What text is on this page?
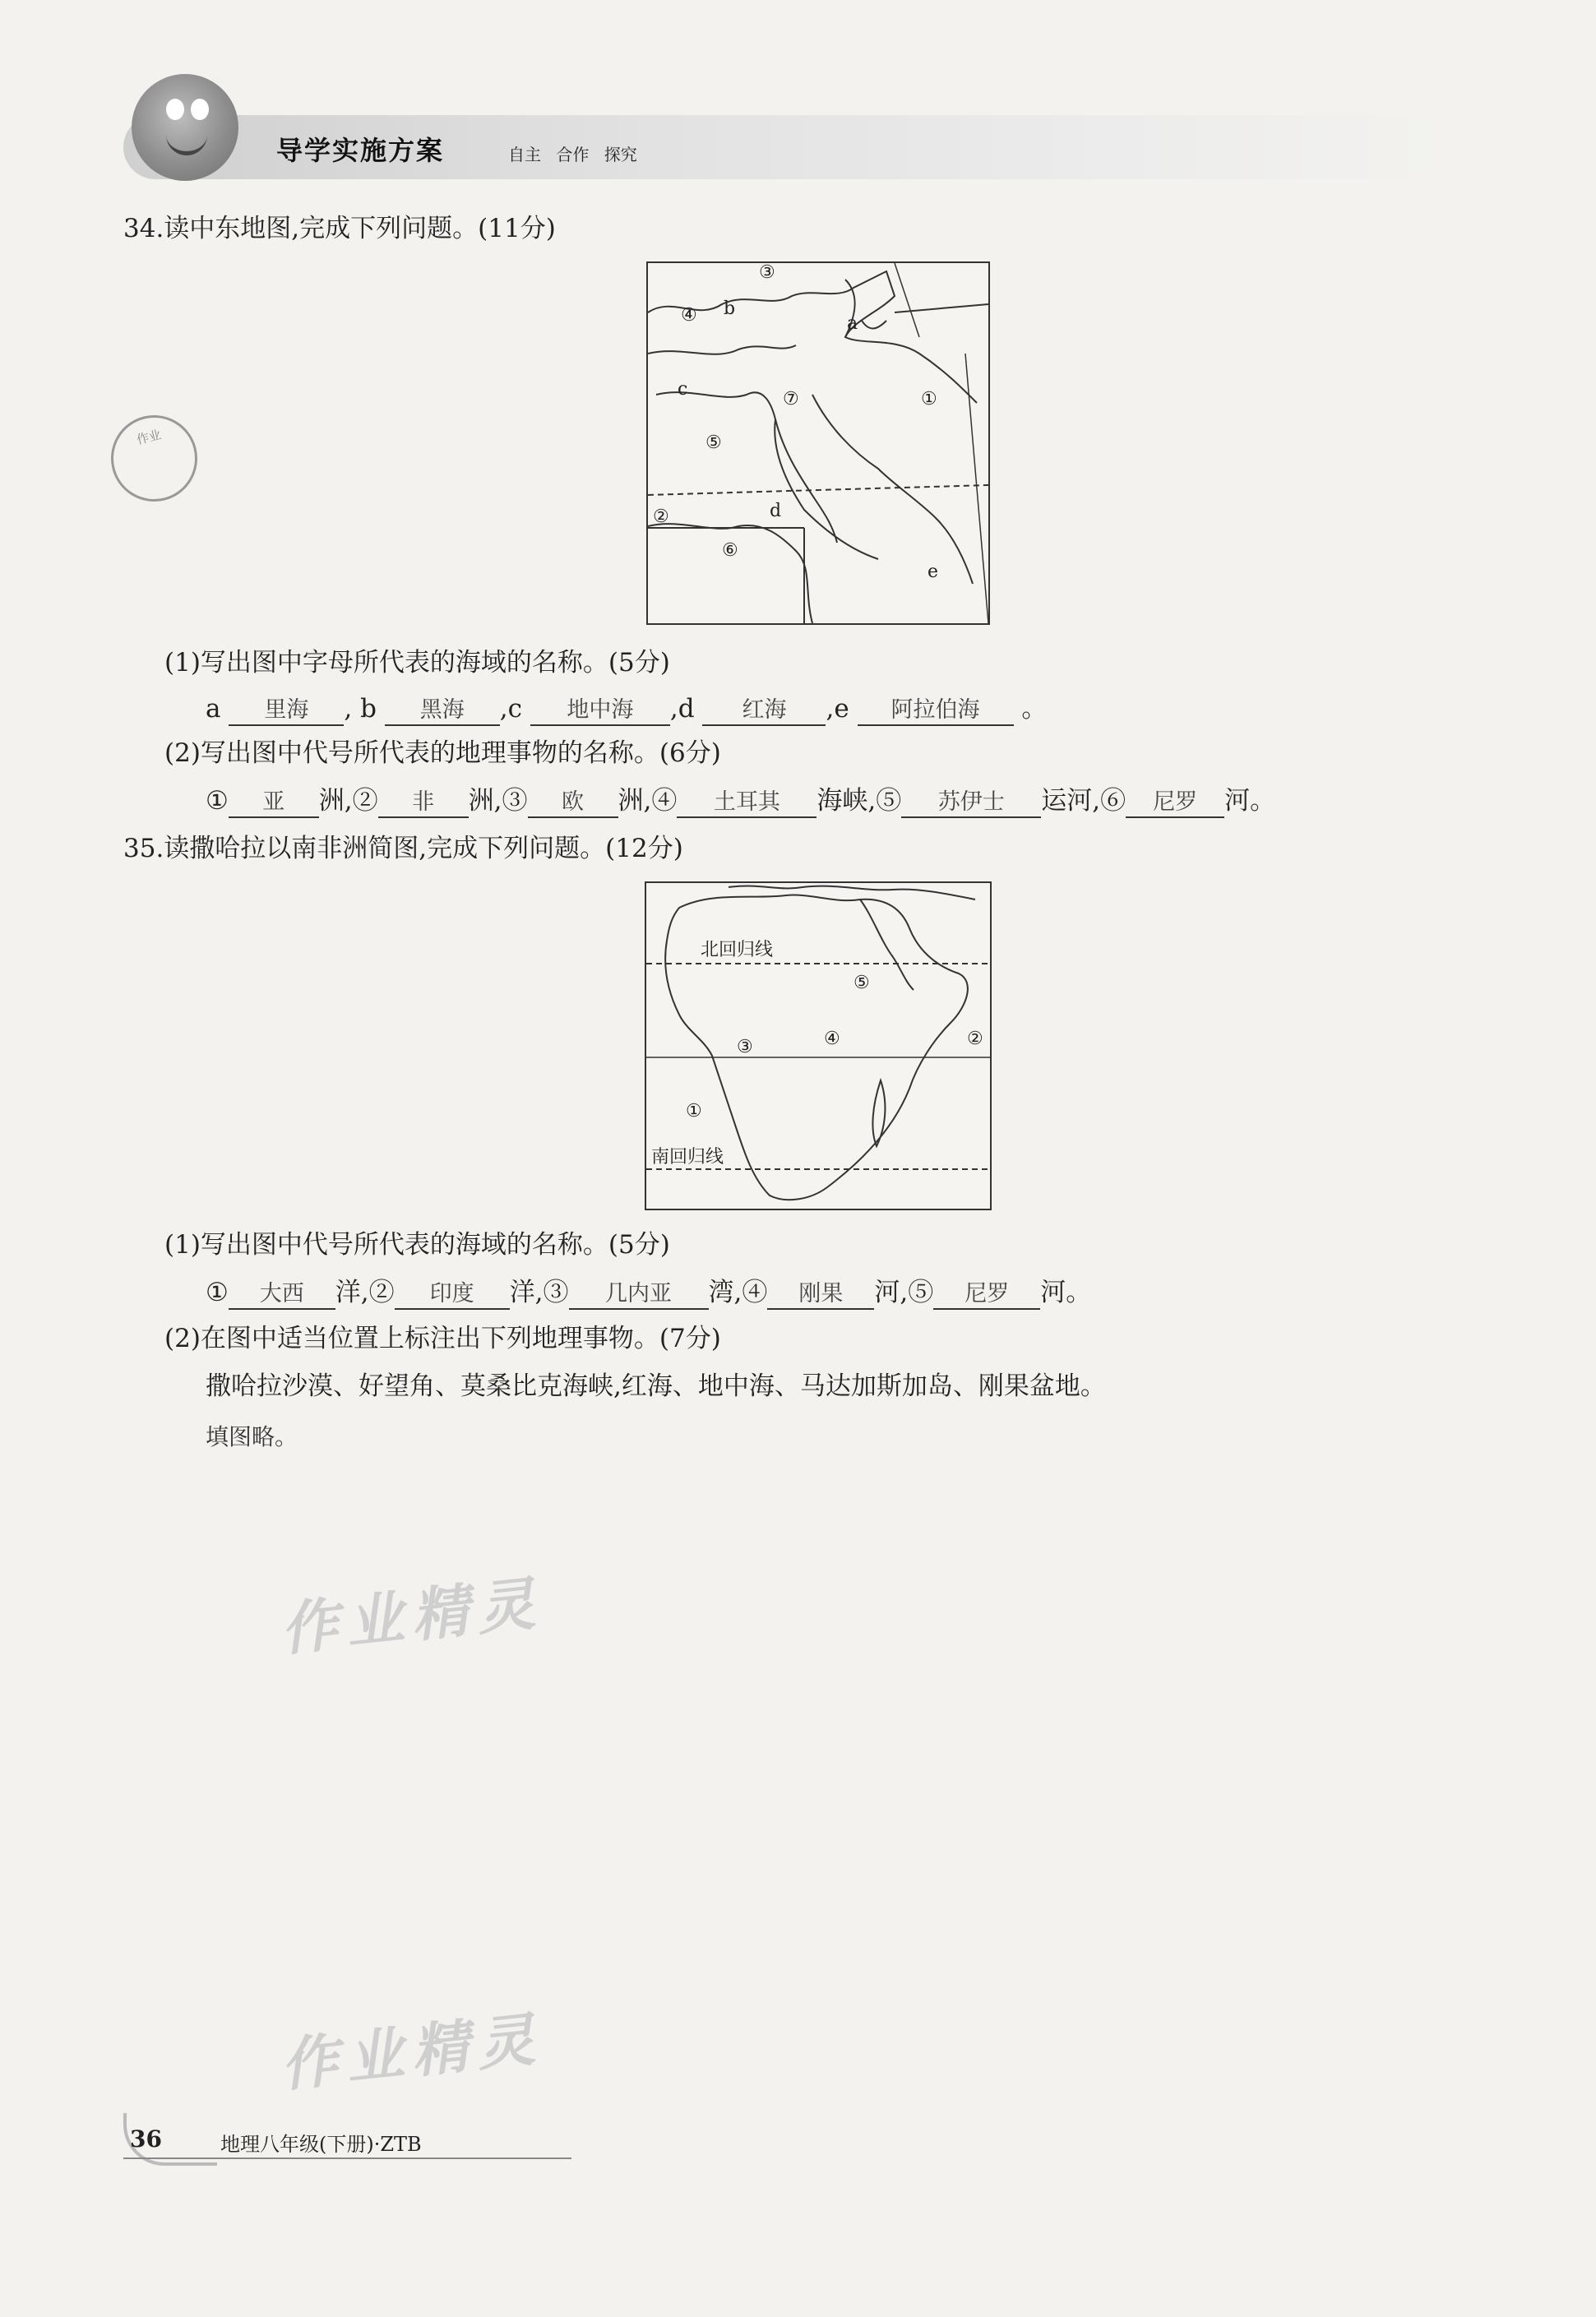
导学实施方案	自主 合作 探究
作业
34.读中东地图,完成下列问题。(11分)
③
④ b
a
c	①
⑦
⑤
②	d
⑥
e
(1)写出图中字母所代表的海域的名称。(5分)
a 里海 , b 黑海 ,c 地中海 ,d 红海 ,e 阿拉伯海 。
(2)写出图中代号所代表的地理事物的名称。(6分)
① 亚 洲,② 非 洲,③ 欧 洲,④ 土耳其 海峡,⑤ 苏伊士 运河,⑥ 尼罗 河。
35.读撒哈拉以南非洲简图,完成下列问题。(12分)
北回归线
南回归线
⑤
④
③	②
①
(1)写出图中代号所代表的海域的名称。(5分)
① 大西 洋,② 印度 洋,③ 几内亚 湾,④ 刚果 河,⑤ 尼罗 河。
(2)在图中适当位置上标注出下列地理事物。(7分)
撒哈拉沙漠、好望角、莫桑比克海峡,红海、地中海、马达加斯加岛、刚果盆地。
填图略。
作业精灵
作业精灵
36	地理八年级(下册)·ZTB
